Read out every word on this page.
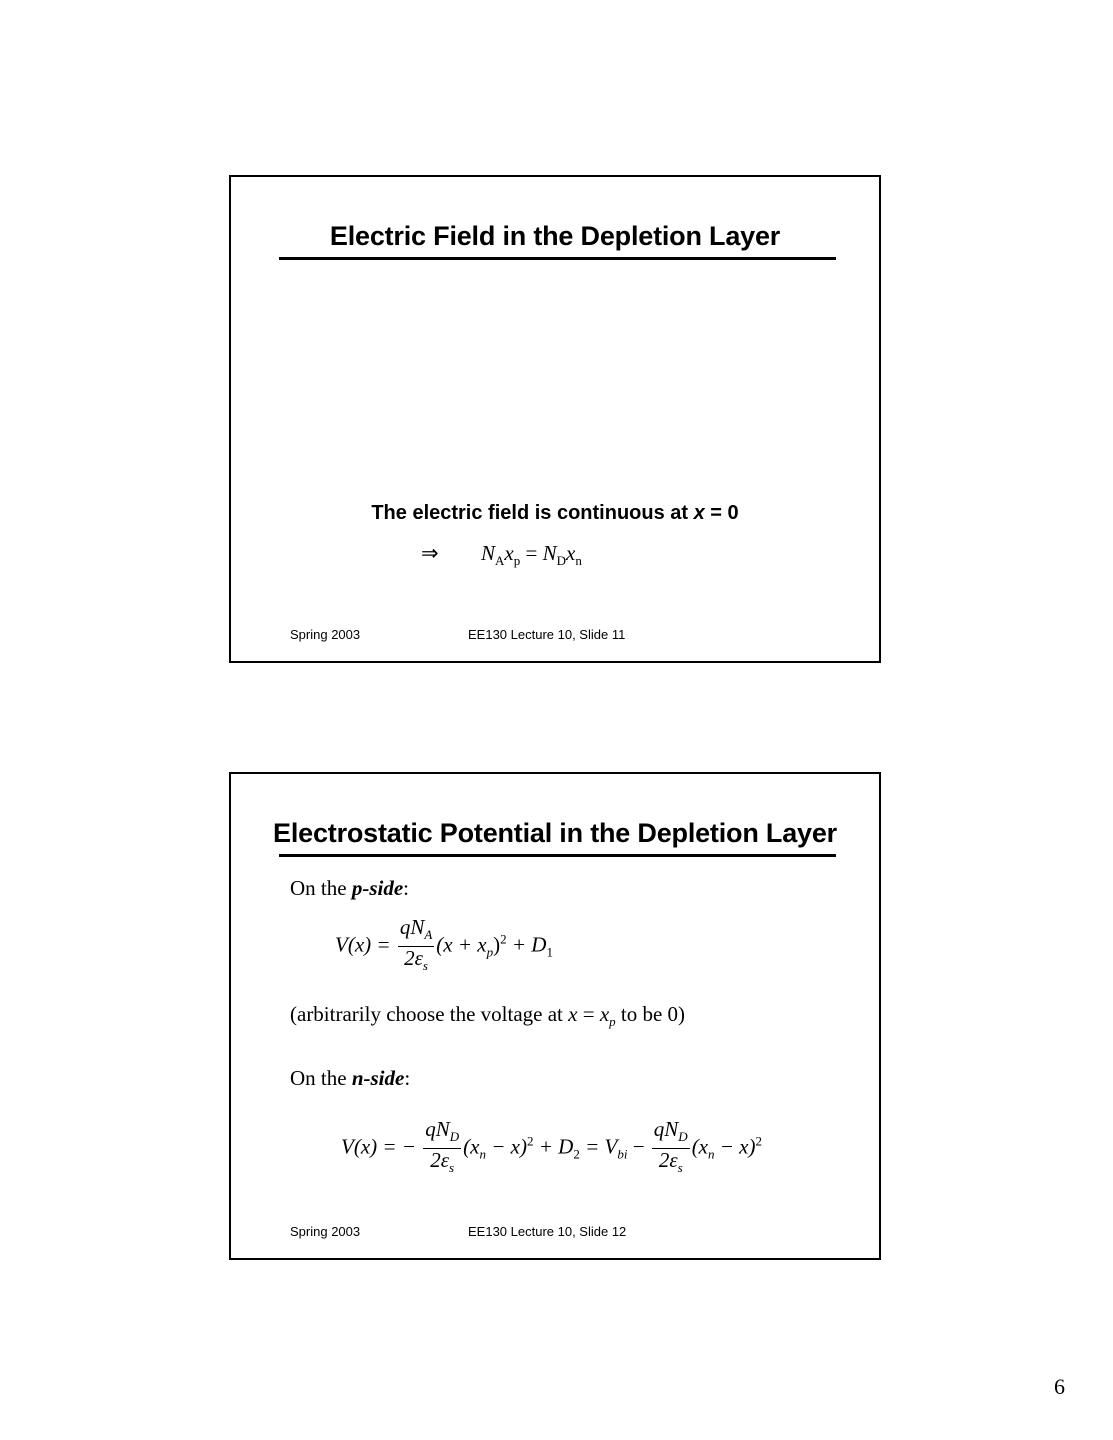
Electric Field in the Depletion Layer
The electric field is continuous at x = 0
⇒ $N_Ax_p = N_Dx_n$
Spring 2003	EE130 Lecture 10, Slide 11
Electrostatic Potential in the Depletion Layer
On the p-side:
$V(x) = \frac{qN_A}{2\varepsilon_s} (x + x_p)^2 + D_1$
(arbitrarily choose the voltage at $x = x_p$ to be 0)
On the n-side:
V(x) = − $\frac{qN_D}{2\varepsilon_s} (x_n - x)^2 + D_2 = V_{bi} - \frac{qN_D}{2\varepsilon_s} (x_n - x)^2$
Spring 2003	EE130 Lecture 10, Slide 12
6
